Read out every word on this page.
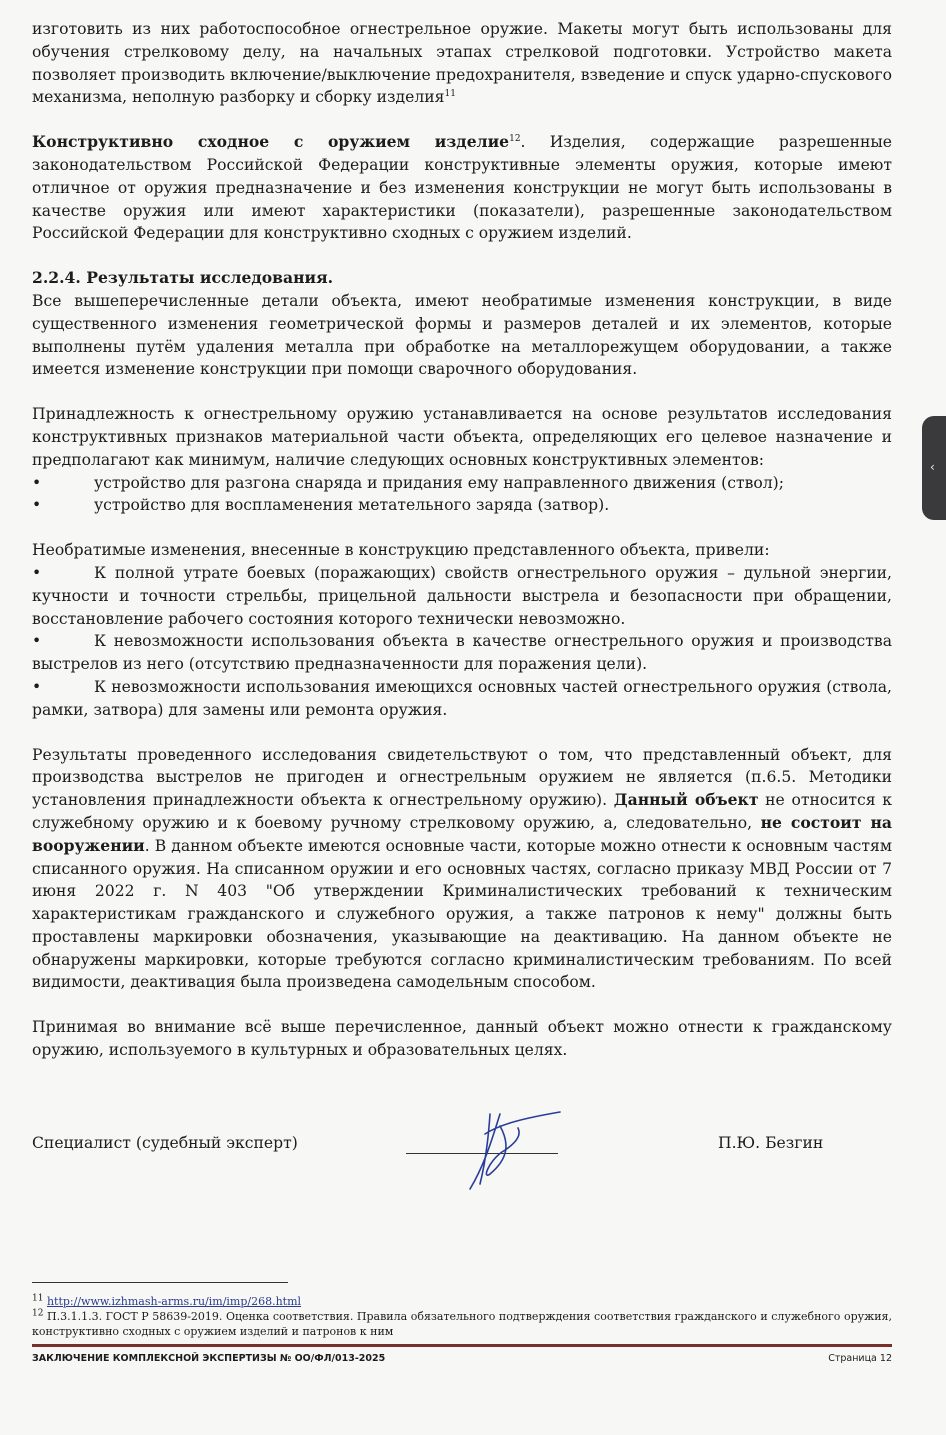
изготовить из них работоспособное огнестрельное оружие. Макеты могут быть использованы для обучения стрелковому делу, на начальных этапах стрелковой подготовки. Устройство макета позволяет производить включение/выключение предохранителя, взведение и спуск ударно-спускового механизма, неполную разборку и сборку изделия$^{11}$

Конструктивно сходное с оружием изделие$^{12}$. Изделия, содержащие разрешенные законодательством Российской Федерации конструктивные элементы оружия, которые имеют отличное от оружия предназначение и без изменения конструкции не могут быть использованы в качестве оружия или имеют характеристики (показатели), разрешенные законодательством Российской Федерации для конструктивно сходных с оружием изделий.

2.2.4. Результаты исследования.

Все вышеперечисленные детали объекта, имеют необратимые изменения конструкции, в виде существенного изменения геометрической формы и размеров деталей и их элементов, которые выполнены путём удаления металла при обработке на металлорежущем оборудовании, а также имеется изменение конструкции при помощи сварочного оборудования.

Принадлежность к огнестрельному оружию устанавливается на основе результатов исследования конструктивных признаков материальной части объекта, определяющих его целевое назначение и предполагают как минимум, наличие следующих основных конструктивных элементов:

•	устройство для разгона снаряда и придания ему направленного движения (ствол);
•	устройство для воспламенения метательного заряда (затвор).

Необратимые изменения, внесенные в конструкцию представленного объекта, привели:

•	К полной утрате боевых (поражающих) свойств огнестрельного оружия – дульной энергии, кучности и точности стрельбы, прицельной дальности выстрела и безопасности при обращении, восстановление рабочего состояния которого технически невозможно.

•	К невозможности использования объекта в качестве огнестрельного оружия и производства выстрелов из него (отсутствию предназначенности для поражения цели).

•	К невозможности использования имеющихся основных частей огнестрельного оружия (ствола, рамки, затвора) для замены или ремонта оружия.

Результаты проведенного исследования свидетельствуют о том, что представленный объект, для производства выстрелов не пригоден и огнестрельным оружием не является (п.6.5. Методики установления принадлежности объекта к огнестрельному оружию). Данный объект не относится к служебному оружию и к боевому ручному стрелковому оружию, а, следовательно, не состоит на вооружении. В данном объекте имеются основные части, которые можно отнести к основным частям списанного оружия. На списанном оружии и его основных частях, согласно приказу МВД России от 7 июня 2022 г. N 403 "Об утверждении Криминалистических требований к техническим характеристикам гражданского и служебного оружия, а также патронов к нему" должны быть проставлены маркировки обозначения, указывающие на деактивацию. На данном объекте не обнаружены маркировки, которые требуются согласно криминалистическим требованиям. По всей видимости, деактивация была произведена самодельным способом.

Принимая во внимание всё выше перечисленное, данный объект можно отнести к гражданскому оружию, используемого в культурных и образовательных целях.

Специалист (судебный эксперт)	П.Ю. Безгин

$^{11}$ http://www.izhmash-arms.ru/im/imp/268.html

$^{12}$ П.3.1.1.3. ГОСТ Р 58639-2019. Оценка соответствия. Правила обязательного подтверждения соответствия гражданского и служебного оружия, конструктивно сходных с оружием изделий и патронов к ним

ЗАКЛЮЧЕНИЕ КОМПЛЕКСНОЙ ЭКСПЕРТИЗЫ № ОО/ФЛ/013-2025	Страница 12
‹
